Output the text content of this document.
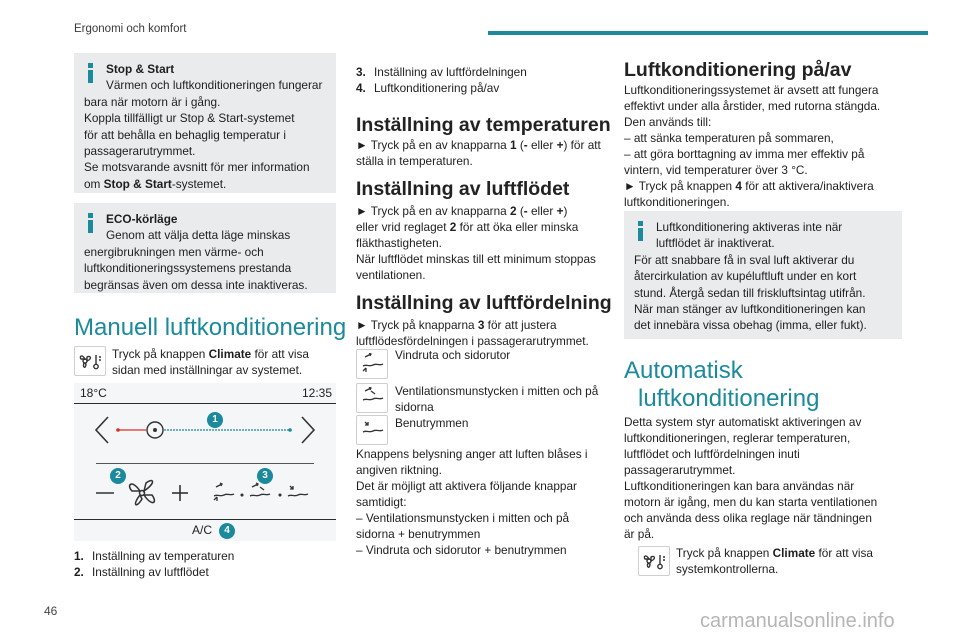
Ergonomi och komfort
Stop & Start
Värmen och luftkonditioneringen fungerar
bara när motorn är i gång.
Koppla tillfälligt ur Stop & Start-systemet
för att behålla en behaglig temperatur i
passagerarutrymmet.
Se motsvarande avsnitt för mer information
om Stop & Start-systemet.
ECO-körläge
Genom att välja detta läge minskas
energibrukningen men värme- och
luftkonditioneringssystemens prestanda
begränsas även om dessa inte inaktiveras.
Manuell luftkonditionering
Tryck på knappen Climate för att visa
sidan med inställningar av systemet.
18°C	12:35
A/C
1
2	3
4
1. Inställning av temperaturen
2. Inställning av luftflödet
3. Inställning av luftfördelningen
4. Luftkonditionering på/av
Inställning av temperaturen
► Tryck på en av knapparna 1 (- eller +) för att
ställa in temperaturen.
Inställning av luftflödet
► Tryck på en av knapparna 2 (- eller +)
eller vrid reglaget 2 för att öka eller minska
fläkthastigheten.
När luftflödet minskas till ett minimum stoppas
ventilationen.
Inställning av luftfördelning
► Tryck på knapparna 3 för att justera
luftflödesfördelningen i passagerarutrymmet.
Vindruta och sidorutor
Ventilationsmunstycken i mitten och på
sidorna
Benutrymmen
Knappens belysning anger att luften blåses i
angiven riktning.
Det är möjligt att aktivera följande knappar
samtidigt:
– Ventilationsmunstycken i mitten och på
sidorna + benutrymmen
– Vindruta och sidorutor + benutrymmen
Luftkonditionering på/av
Luftkonditioneringssystemet är avsett att fungera
effektivt under alla årstider, med rutorna stängda.
Den används till:
– att sänka temperaturen på sommaren,
– att göra borttagning av imma mer effektiv på
vintern, vid temperaturer över 3 °C.
► Tryck på knappen 4 för att aktivera/inaktivera
luftkonditioneringen.
Luftkonditionering aktiveras inte när
luftflödet är inaktiverat.
För att snabbare få in sval luft aktiverar du
återcirkulation av kupéluftluft under en kort
stund. Återgå sedan till friskluftsintag utifrån.
När man stänger av luftkonditioneringen kan
det innebära vissa obehag (imma, eller fukt).
Automatisk
luftkonditionering
Detta system styr automatiskt aktiveringen av
luftkonditioneringen, reglerar temperaturen,
luftflödet och luftfördelningen inuti
passagerarutrymmet.
Luftkonditioneringen kan bara användas när
motorn är igång, men du kan starta ventilationen
och använda dess olika reglage när tändningen
är på.
Tryck på knappen Climate för att visa
systemkontrollerna.
46	carmanualsonline.info
